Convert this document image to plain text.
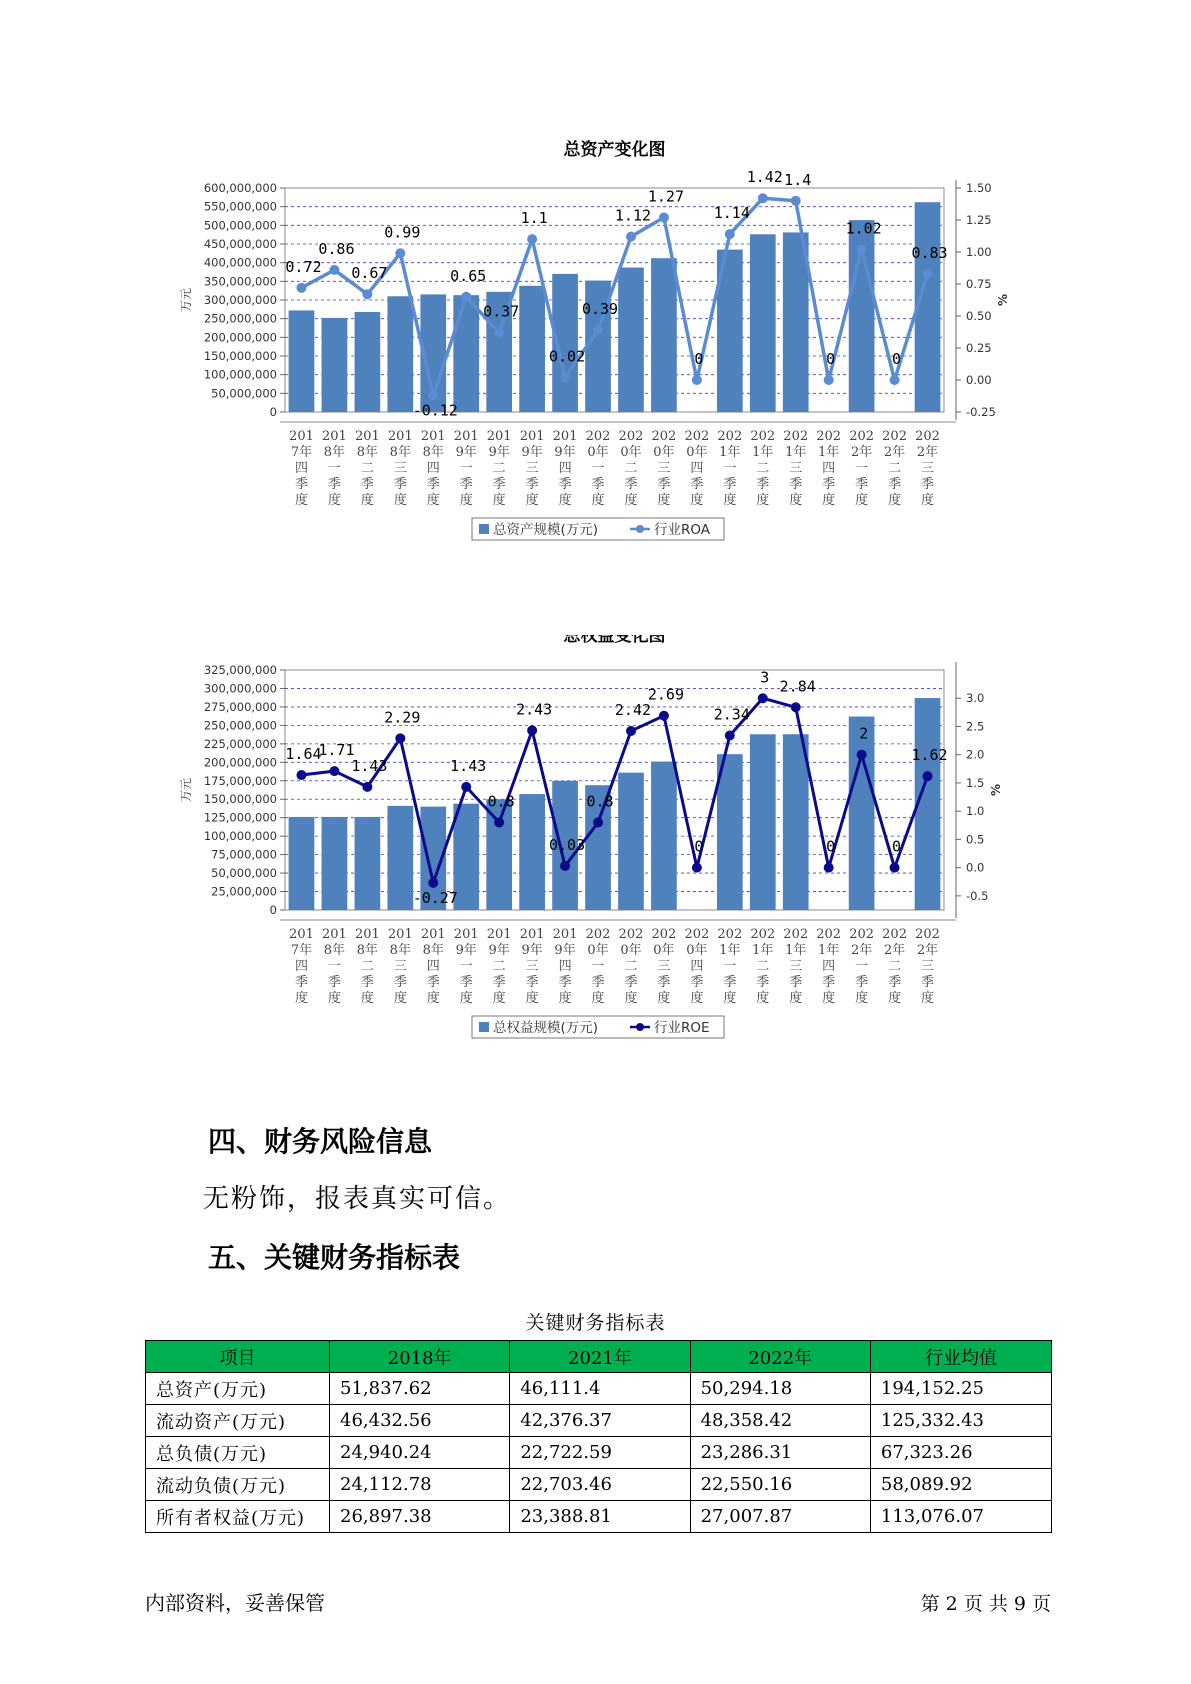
总资产变化图
600,000,000
550,000,000
500,000,000
450,000,000
400,000,000
350,000,000
300,000,000
250,000,000
200,000,000
150,000,000
100,000,000
50,000,000
0
1.50
1.25
1.00
0.75
0.50
0.25
0.00
-0.25
万元	%
201
7年
四
季
度
201
8年
一
季
度
201
8年
二
季
度
201
8年
三
季
度
201
8年
四
季
度
201
9年
一
季
度
201
9年
二
季
度
201
9年
三
季
度
201
9年
四
季
度
202
0年
一
季
度
202
0年
二
季
度
202
0年
三
季
度
202
0年
四
季
度
202
1年
一
季
度
202
1年
二
季
度
202
1年
三
季
度
202
1年
四
季
度
202
2年
一
季
度
202
2年
二
季
度
202
2年
三
季
度
0.72
0.86
0.67
0.99
-0.12
0.65
0.37
1.1
0.02
0.39
1.12
1.27
0
1.14
1.42 1.4
0
1.02
0
0.83
总资产规模(万元)	行业ROA
总权益变化图
325,000,000
300,000,000
275,000,000
250,000,000
225,000,000
200,000,000
175,000,000
150,000,000
125,000,000
100,000,000
75,000,000
50,000,000
25,000,000
0
3.0
2.5
2.0
1.5
1.0
0.5
0.0
-0.5
万元	%
201
7年
四
季
度
201
8年
一
季
度
201
8年
二
季
度
201
8年
三
季
度
201
8年
四
季
度
201
9年
一
季
度
201
9年
二
季
度
201
9年
三
季
度
201
9年
四
季
度
202
0年
一
季
度
202
0年
二
季
度
202
0年
三
季
度
202
0年
四
季
度
202
1年
一
季
度
202
1年
二
季
度
202
1年
三
季
度
202
1年
四
季
度
202
2年
一
季
度
202
2年
二
季
度
202
2年
三
季
度
1.64
1.71
1.43
2.29
-0.27
1.43
0.8
2.43
0.03
0.8
2.42
2.69
0
2.34
3
2.84
0
2
0
1.62
总权益规模(万元)	行业ROE
四、财务风险信息
无粉饰，报表真实可信。
五、关键财务指标表
关键财务指标表
项目	2018年	2021年	2022年	行业均值
总资产(万元)	51,837.62	46,111.4	50,294.18	194,152.25
流动资产(万元)	46,432.56	42,376.37	48,358.42	125,332.43
总负债(万元)	24,940.24	22,722.59	23,286.31	67,323.26
流动负债(万元)	24,112.78	22,703.46	22,550.16	58,089.92
所有者权益(万元)	26,897.38	23,388.81	27,007.87	113,076.07
内部资料，妥善保管	第 2 页 共 9 页
